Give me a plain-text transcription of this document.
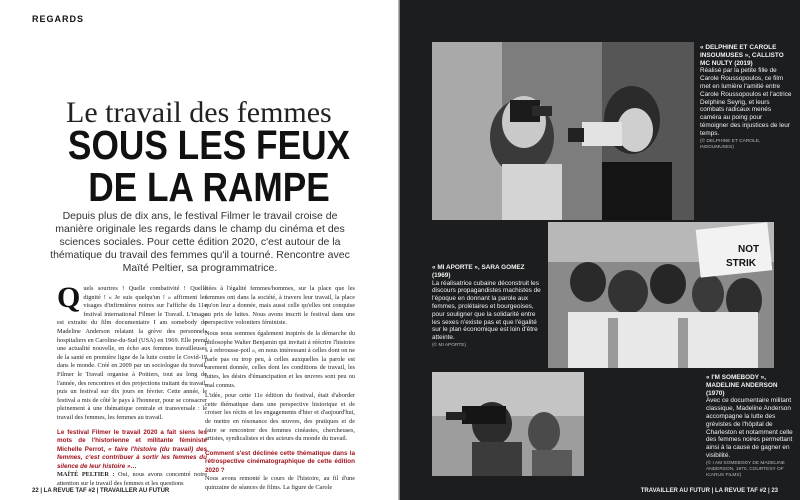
REGARDS
Le travail des femmes
SOUS LES FEUX
DE LA RAMPE
Depuis plus de dix ans, le festival Filmer le travail croise de manière originale les regards dans le champ du cinéma et des sciences sociales. Pour cette édition 2020, c'est autour de la thématique du travail des femmes qu'il a tourné. Rencontre avec Maïté Peltier, sa programmatrice.

Quels sourires ! Quelle combativité ! Quelle dignité ! « Je suis quelqu'un ! » affirment les visages d'infirmières noires sur l'affiche du 11e festival international Filmer le Travail. L'image est extraite du film documentaire I am somebody de Madeline Anderson relatant la grève des personnels hospitaliers en Caroline-du-Sud (USA) en 1969. Elle prend une actualité nouvelle, en écho aux femmes travailleuses de la santé en première ligne de la lutte contre le Covid-19 dans le monde. Créé en 2009 par un sociologue du travail, Filmer le Travail organise à Poitiers, tout au long de l'année, des rencontres et des projections traitant du travail, puis un festival sur dix jours en février. Cette année, le festival a mis de côté le pays à l'honneur, pour se consacrer pleinement à une thématique centrale et transversale : le travail des femmes, les femmes au travail.

Le festival Filmer le travail 2020 a fait siens les mots de l'historienne et militante féministe Michelle Perrot, « faire l'histoire (du travail) des femmes, c'est contribuer à sortir les femmes du silence de leur histoire »…

MAÏTÉ PELTIER : Oui, nous avons concentré notre attention sur le travail des femmes et les questions

liées à l'égalité femmes/hommes, sur la place que les femmes ont dans la société, à travers leur travail, la place qu'on leur a donnée, mais aussi celle qu'elles ont conquise au prix de luttes. Nous avons inscrit le festival dans une perspective volontiers féministe.

Nous nous sommes également inspirés de la démarche du philosophe Walter Benjamin qui invitait à réécrire l'histoire « à rebrousse-poil », en nous intéressant à celles dont on ne parle pas ou trop peu, à celles auxquelles la parole est rarement donnée, celles dont les conditions de travail, les luttes, les désirs d'émancipation et les œuvres sont peu ou mal connus.

L'idée, pour cette 11e édition du festival, était d'aborder cette thématique dans une perspective historique et de croiser les récits et les engagements d'hier et d'aujourd'hui, de mettre en résonance des œuvres, des pratiques et de faire se rencontrer des femmes cinéastes, chercheuses, artistes, syndicalistes et des acteurs du monde du travail.

Comment s'est déclinée cette thématique dans la rétrospective cinématographique de cette édition 2020 ?

Nous avons remonté le cours de l'histoire, au fil d'une quinzaine de séances de films. La figure de Carole

22 | LA REVUE TAF #2 | TRAVAILLER AU FUTUR
« DELPHINE ET CAROLE INSOUMUSES », CALLISTO MC NULTY (2019)
Réalisé par la petite fille de Carole Roussopoulos, ce film met en lumière l'amitié entre Carole Roussopoulos et l'actrice Delphine Seyrig, et leurs combats radicaux menés caméra au poing pour témoigner des injustices de leur temps.
(© DELPHINE ET CAROLE, INSOUMUSES)
NOT
STRIK
« MI APORTE », SARA GOMEZ (1969)
La réalisatrice cubaine déconstruit les discours propagandistes machistes de l'époque en donnant la parole aux femmes, prolétaires et bourgeoises, pour souligner que la solidarité entre les sexes n'existe pas et que l'égalité sur le plan économique est loin d'être atteinte.
(© MI APORTE)
« I'M SOMEBODY », MADELINE ANDERSON (1970)
Avec ce documentaire militant classique, Madeline Anderson accompagne la lutte des grévistes de l'hôpital de Charleston et notamment celle des femmes noires permettant ainsi à la cause de gagner en visibilité.
(© I AM SOMEBODY DE MADELINE ANDERSON, 1970, COURTESY OF ICARUS FILMS)
TRAVAILLER AU FUTUR | LA REVUE TAF #2 | 23
